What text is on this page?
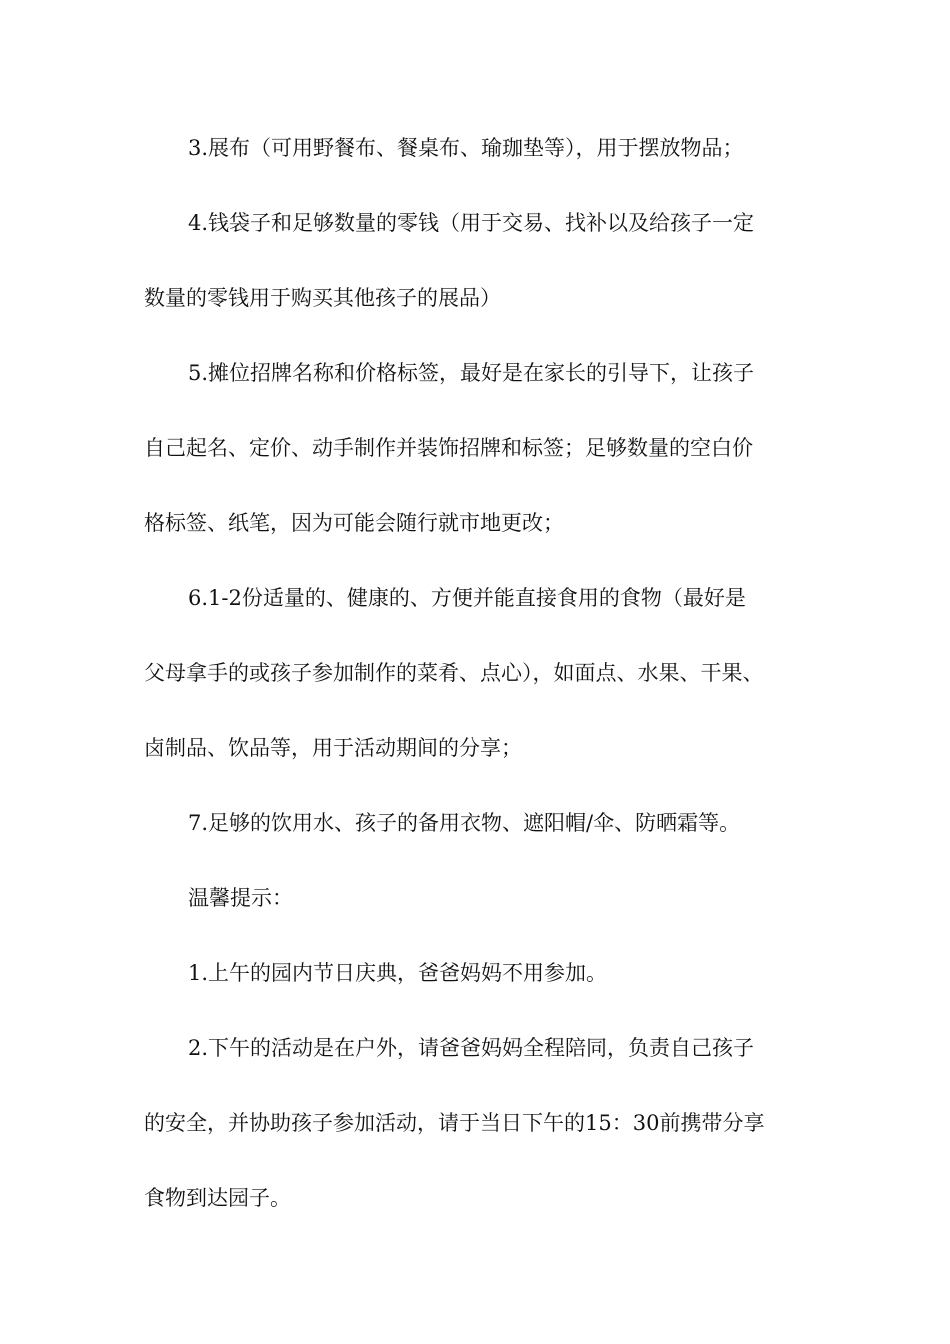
3.展布（可用野餐布、餐桌布、瑜珈垫等），用于摆放物品；

4.钱袋子和足够数量的零钱（用于交易、找补以及给孩子一定
数量的零钱用于购买其他孩子的展品）

5.摊位招牌名称和价格标签，最好是在家长的引导下，让孩子
自己起名、定价、动手制作并装饰招牌和标签；足够数量的空白价
格标签、纸笔，因为可能会随行就市地更改；

6.1-2份适量的、健康的、方便并能直接食用的食物（最好是
父母拿手的或孩子参加制作的菜肴、点心），如面点、水果、干果、
卤制品、饮品等，用于活动期间的分享；

7.足够的饮用水、孩子的备用衣物、遮阳帽/伞、防晒霜等。

温馨提示：

1.上午的园内节日庆典，爸爸妈妈不用参加。

2.下午的活动是在户外，请爸爸妈妈全程陪同，负责自己孩子
的安全，并协助孩子参加活动，请于当日下午的15：30前携带分享
食物到达园子。
